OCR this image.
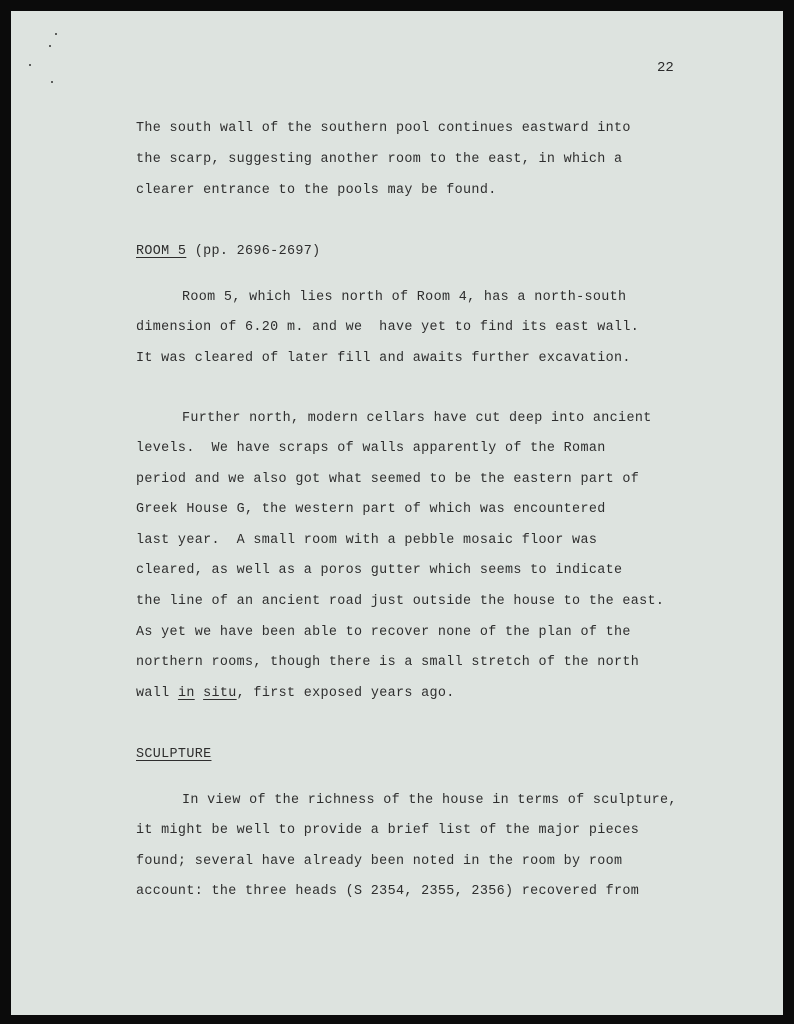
22
The south wall of the southern pool continues eastward into
the scarp, suggesting another room to the east, in which a
clearer entrance to the pools may be found.
ROOM 5 (pp. 2696-2697)
Room 5, which lies north of Room 4, has a north-south
dimension of 6.20 m. and we  have yet to find its east wall.
It was cleared of later fill and awaits further excavation.
Further north, modern cellars have cut deep into ancient
levels.  We have scraps of walls apparently of the Roman
period and we also got what seemed to be the eastern part of
Greek House G, the western part of which was encountered
last year.  A small room with a pebble mosaic floor was
cleared, as well as a poros gutter which seems to indicate
the line of an ancient road just outside the house to the east.
As yet we have been able to recover none of the plan of the
northern rooms, though there is a small stretch of the north
wall in situ, first exposed years ago.
SCULPTURE
In view of the richness of the house in terms of sculpture,
it might be well to provide a brief list of the major pieces
found; several have already been noted in the room by room
account: the three heads (S 2354, 2355, 2356) recovered from
